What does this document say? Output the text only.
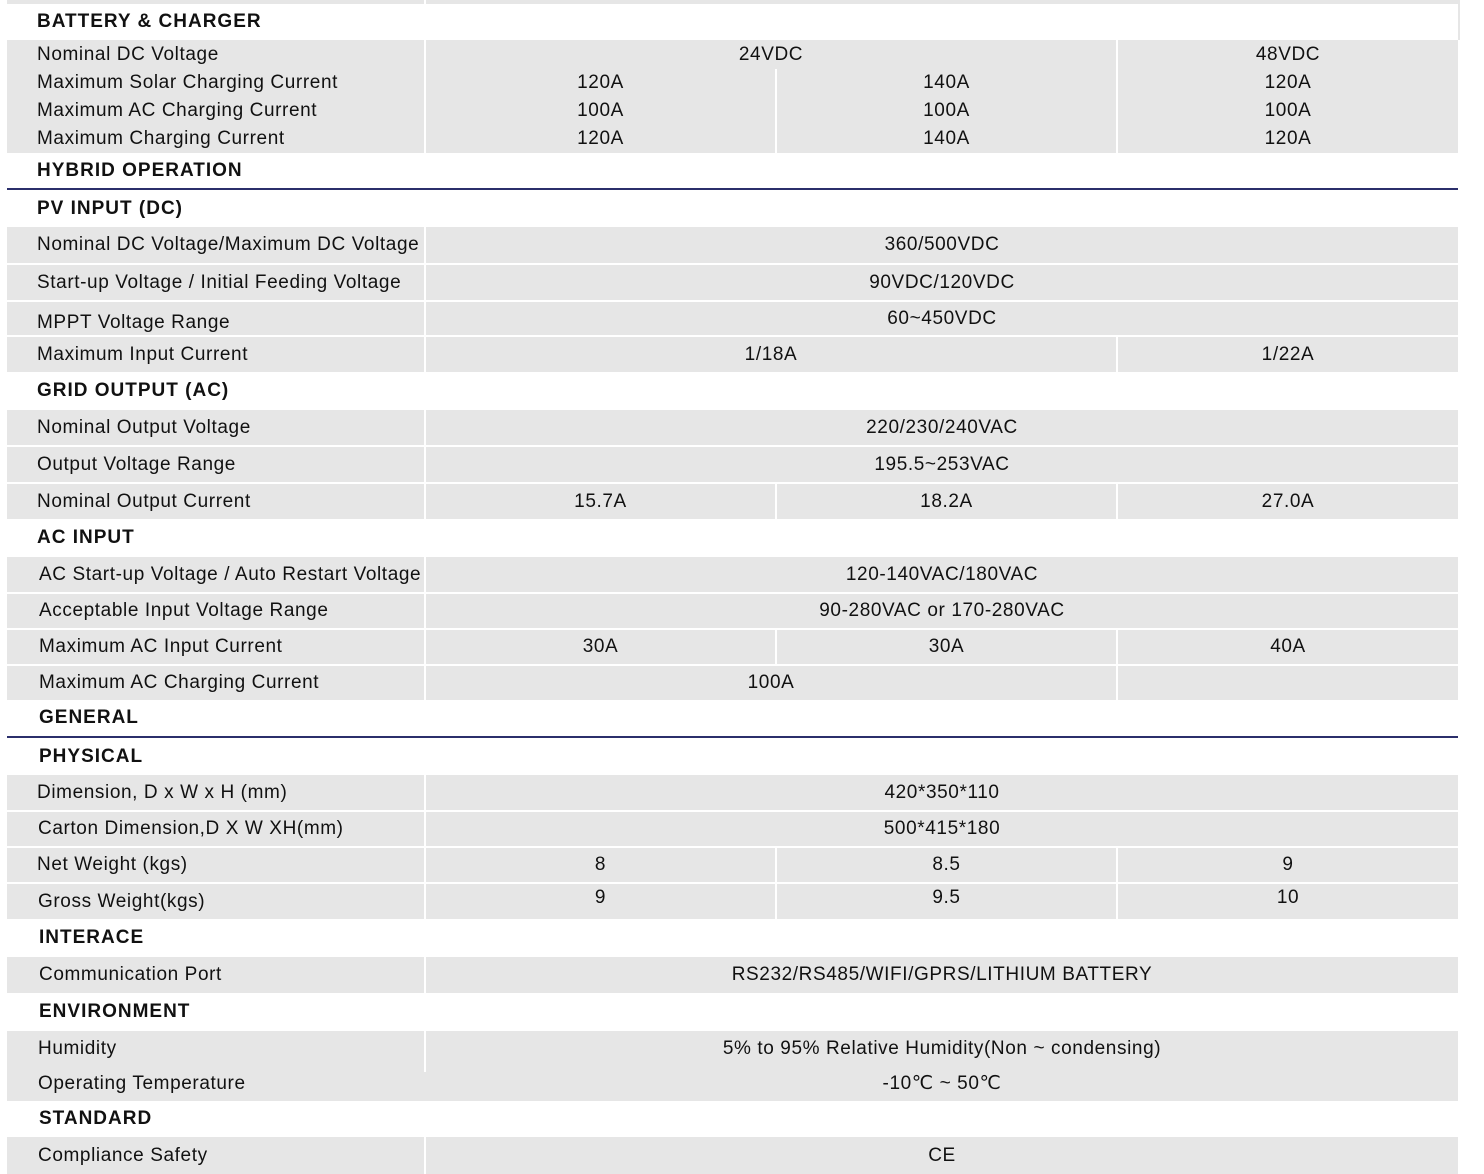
BATTERY & CHARGER
Nominal DC Voltage	24VDC	48VDC
Maximum Solar Charging Current	120A	140A	120A
Maximum AC Charging Current	100A	100A	100A
Maximum Charging Current	120A	140A	120A
HYBRID OPERATION
PV INPUT (DC)
Nominal DC Voltage/Maximum DC Voltage	360/500VDC
Start-up Voltage / Initial Feeding Voltage	90VDC/120VDC
MPPT Voltage Range	60~450VDC
Maximum Input Current	1/18A	1/22A
GRID OUTPUT (AC)
Nominal Output Voltage	220/230/240VAC
Output Voltage Range	195.5~253VAC
Nominal Output Current	15.7A	18.2A	27.0A
AC INPUT
AC Start-up Voltage / Auto Restart Voltage	120-140VAC/180VAC
Acceptable Input Voltage Range	90-280VAC or 170-280VAC
Maximum AC Input Current	30A	30A	40A
Maximum AC Charging Current	100A
GENERAL
PHYSICAL
Dimension, D x W x H (mm)	420*350*110
Carton Dimension,D X W XH(mm)	500*415*180
Net Weight (kgs)	8	8.5	9
Gross Weight(kgs)	9	9.5	10
INTERACE
Communication Port	RS232/RS485/WIFI/GPRS/LITHIUM BATTERY
ENVIRONMENT
Humidity	5% to 95% Relative Humidity(Non ~ condensing)
Operating Temperature	-10℃ ~ 50℃
STANDARD
Compliance Safety	CE
